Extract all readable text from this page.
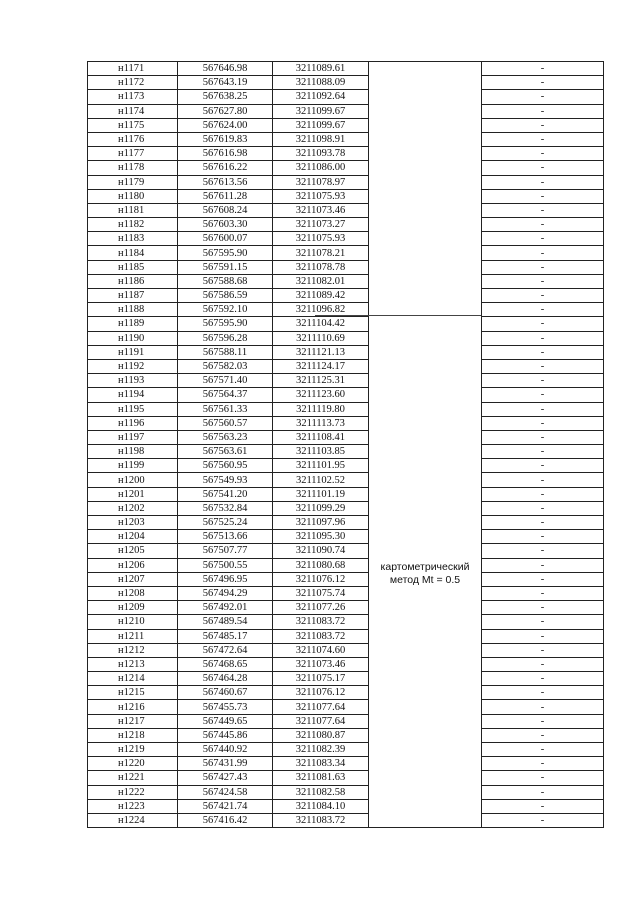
н1171	567646.98	3211089.61		-
н1172	567643.19	3211088.09		-
н1173	567638.25	3211092.64		-
н1174	567627.80	3211099.67		-
н1175	567624.00	3211099.67		-
н1176	567619.83	3211098.91		-
н1177	567616.98	3211093.78		-
н1178	567616.22	3211086.00		-
н1179	567613.56	3211078.97		-
н1180	567611.28	3211075.93		-
н1181	567608.24	3211073.46		-
н1182	567603.30	3211073.27		-
н1183	567600.07	3211075.93		-
н1184	567595.90	3211078.21		-
н1185	567591.15	3211078.78		-
н1186	567588.68	3211082.01		-
н1187	567586.59	3211089.42		-
н1188	567592.10	3211096.82		-
н1189	567595.90	3211104.42		-
н1190	567596.28	3211110.69		-
н1191	567588.11	3211121.13		-
н1192	567582.03	3211124.17		-
н1193	567571.40	3211125.31		-
н1194	567564.37	3211123.60		-
н1195	567561.33	3211119.80		-
н1196	567560.57	3211113.73		-
н1197	567563.23	3211108.41		-
н1198	567563.61	3211103.85		-
н1199	567560.95	3211101.95		-
н1200	567549.93	3211102.52		-
н1201	567541.20	3211101.19		-
н1202	567532.84	3211099.29		-
н1203	567525.24	3211097.96		-
н1204	567513.66	3211095.30		-
н1205	567507.77	3211090.74		-
н1206	567500.55	3211080.68		-
н1207	567496.95	3211076.12		-
н1208	567494.29	3211075.74		-
н1209	567492.01	3211077.26		-
н1210	567489.54	3211083.72		-
н1211	567485.17	3211083.72		-
н1212	567472.64	3211074.60		-
н1213	567468.65	3211073.46		-
н1214	567464.28	3211075.17		-
н1215	567460.67	3211076.12		-
н1216	567455.73	3211077.64		-
н1217	567449.65	3211077.64		-
н1218	567445.86	3211080.87		-
н1219	567440.92	3211082.39		-
н1220	567431.99	3211083.34		-
н1221	567427.43	3211081.63		-
н1222	567424.58	3211082.58		-
н1223	567421.74	3211084.10		-
н1224	567416.42	3211083.72		-
картометрический
метод Mt = 0.5
